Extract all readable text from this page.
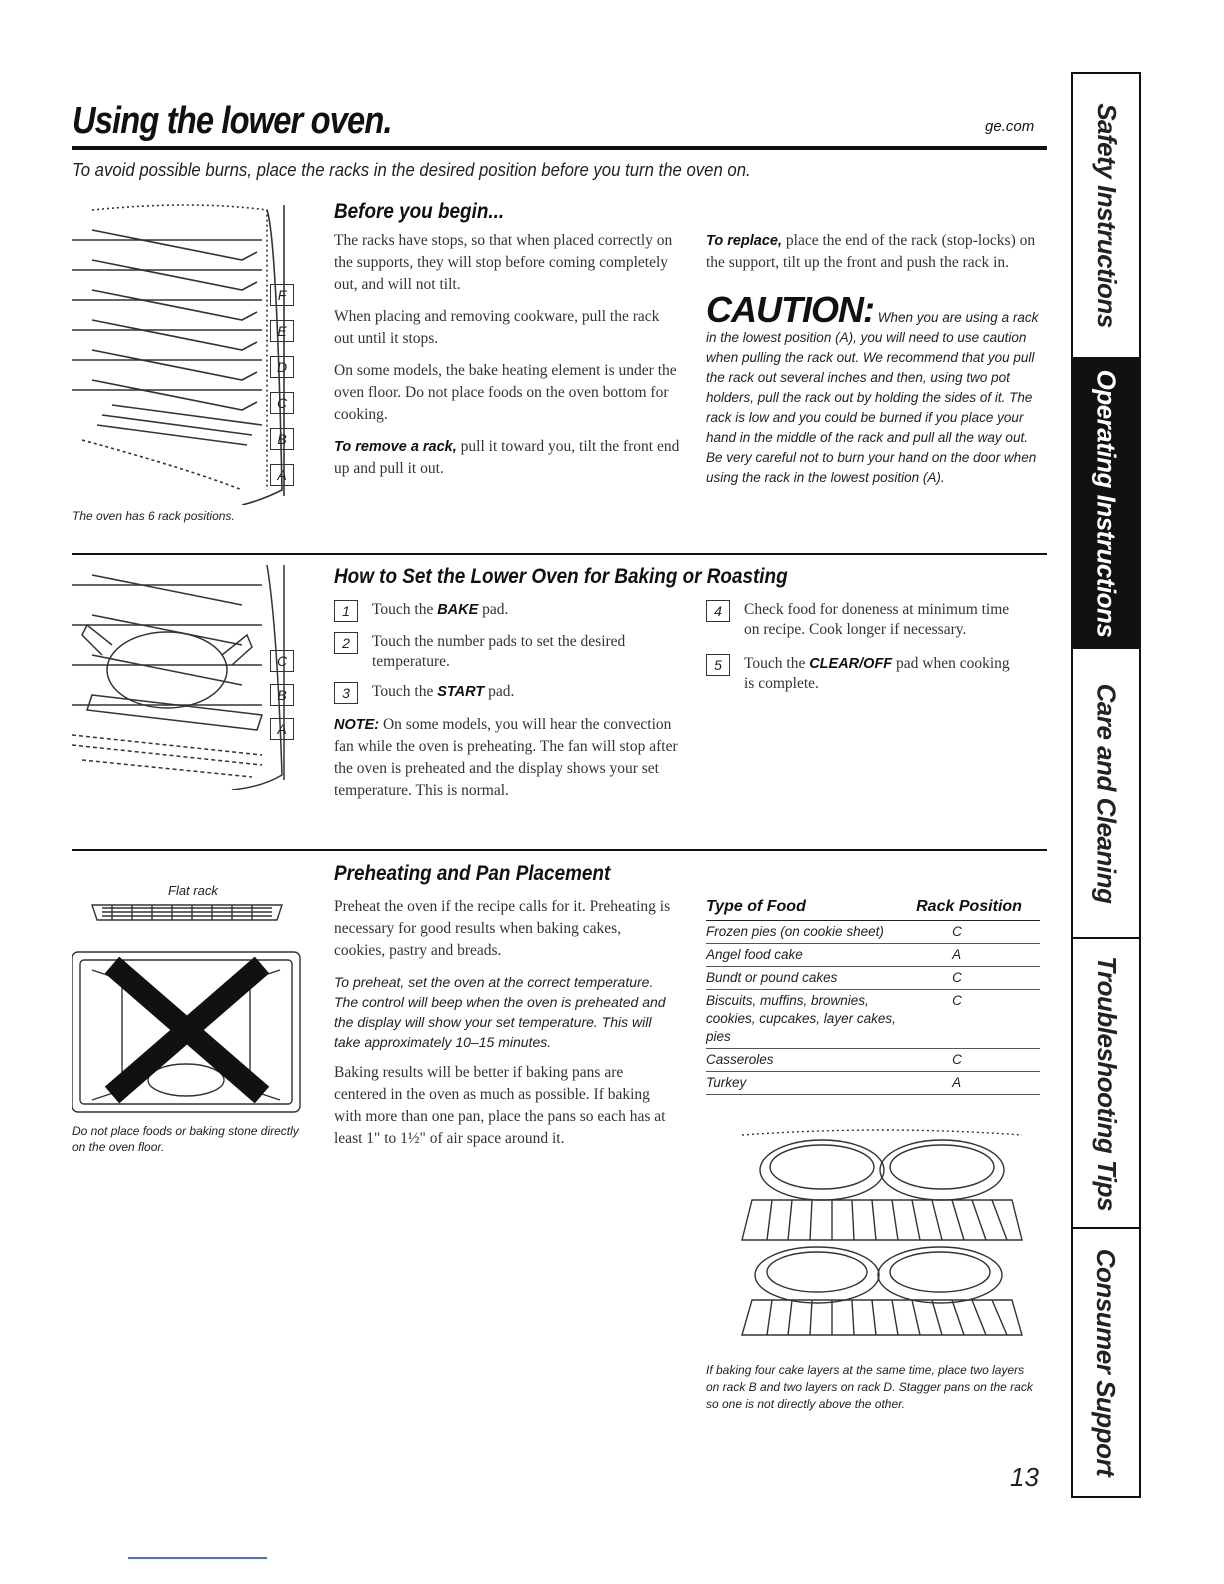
Using the lower oven.	ge.com
To avoid possible burns, place the racks in the desired position before you turn the oven on.
F
E
D
C
B
A
The oven has 6 rack positions.
Before you begin...

The racks have stops, so that when placed correctly on the supports, they will stop before coming completely out, and will not tilt.

When placing and removing cookware, pull the rack out until it stops.

On some models, the bake heating element is under the oven floor. Do not place foods on the oven bottom for cooking.

To remove a rack, pull it toward you, tilt the front end up and pull it out.

To replace, place the end of the rack (stop-locks) on the support, tilt up the front and push the rack in.

CAUTION: When you are using a rack in the lowest position (A), you will need to use caution when pulling the rack out. We recommend that you pull the rack out several inches and then, using two pot holders, pull the rack out by holding the sides of it. The rack is low and you could be burned if you place your hand in the middle of the rack and pull all the way out. Be very careful not to burn your hand on the door when using the rack in the lowest position (A).
C
B
A
How to Set the Lower Oven for Baking or Roasting
1	Touch the BAKE pad.
2	Touch the number pads to set the desired temperature.
3	Touch the START pad.
NOTE: On some models, you will hear the convection fan while the oven is preheating. The fan will stop after the oven is preheated and the display shows your set temperature. This is normal.
4	Check food for doneness at minimum time on recipe. Cook longer if necessary.
5	Touch the CLEAR/OFF pad when cooking is complete.
Flat rack
Do not place foods or baking stone directly on the oven floor.
Preheating and Pan Placement

Preheat the oven if the recipe calls for it. Preheating is necessary for good results when baking cakes, cookies, pastry and breads.

To preheat, set the oven at the correct temperature. The control will beep when the oven is preheated and the display will show your set temperature. This will take approximately 10–15 minutes.

Baking results will be better if baking pans are centered in the oven as much as possible. If baking with more than one pan, place the pans so each has at least 1" to 1½" of air space around it.

Type of Food	Rack Position
Frozen pies (on cookie sheet)	C
Angel food cake	A
Bundt or pound cakes	C
Biscuits, muffins, brownies, cookies, cupcakes, layer cakes, pies	C
Casseroles	C
Turkey	A
If baking four cake layers at the same time, place two layers on rack B and two layers on rack D. Stagger pans on the rack so one is not directly above the other.
Safety Instructions
Operating Instructions
Care and Cleaning
Troubleshooting Tips
Consumer Support
13
